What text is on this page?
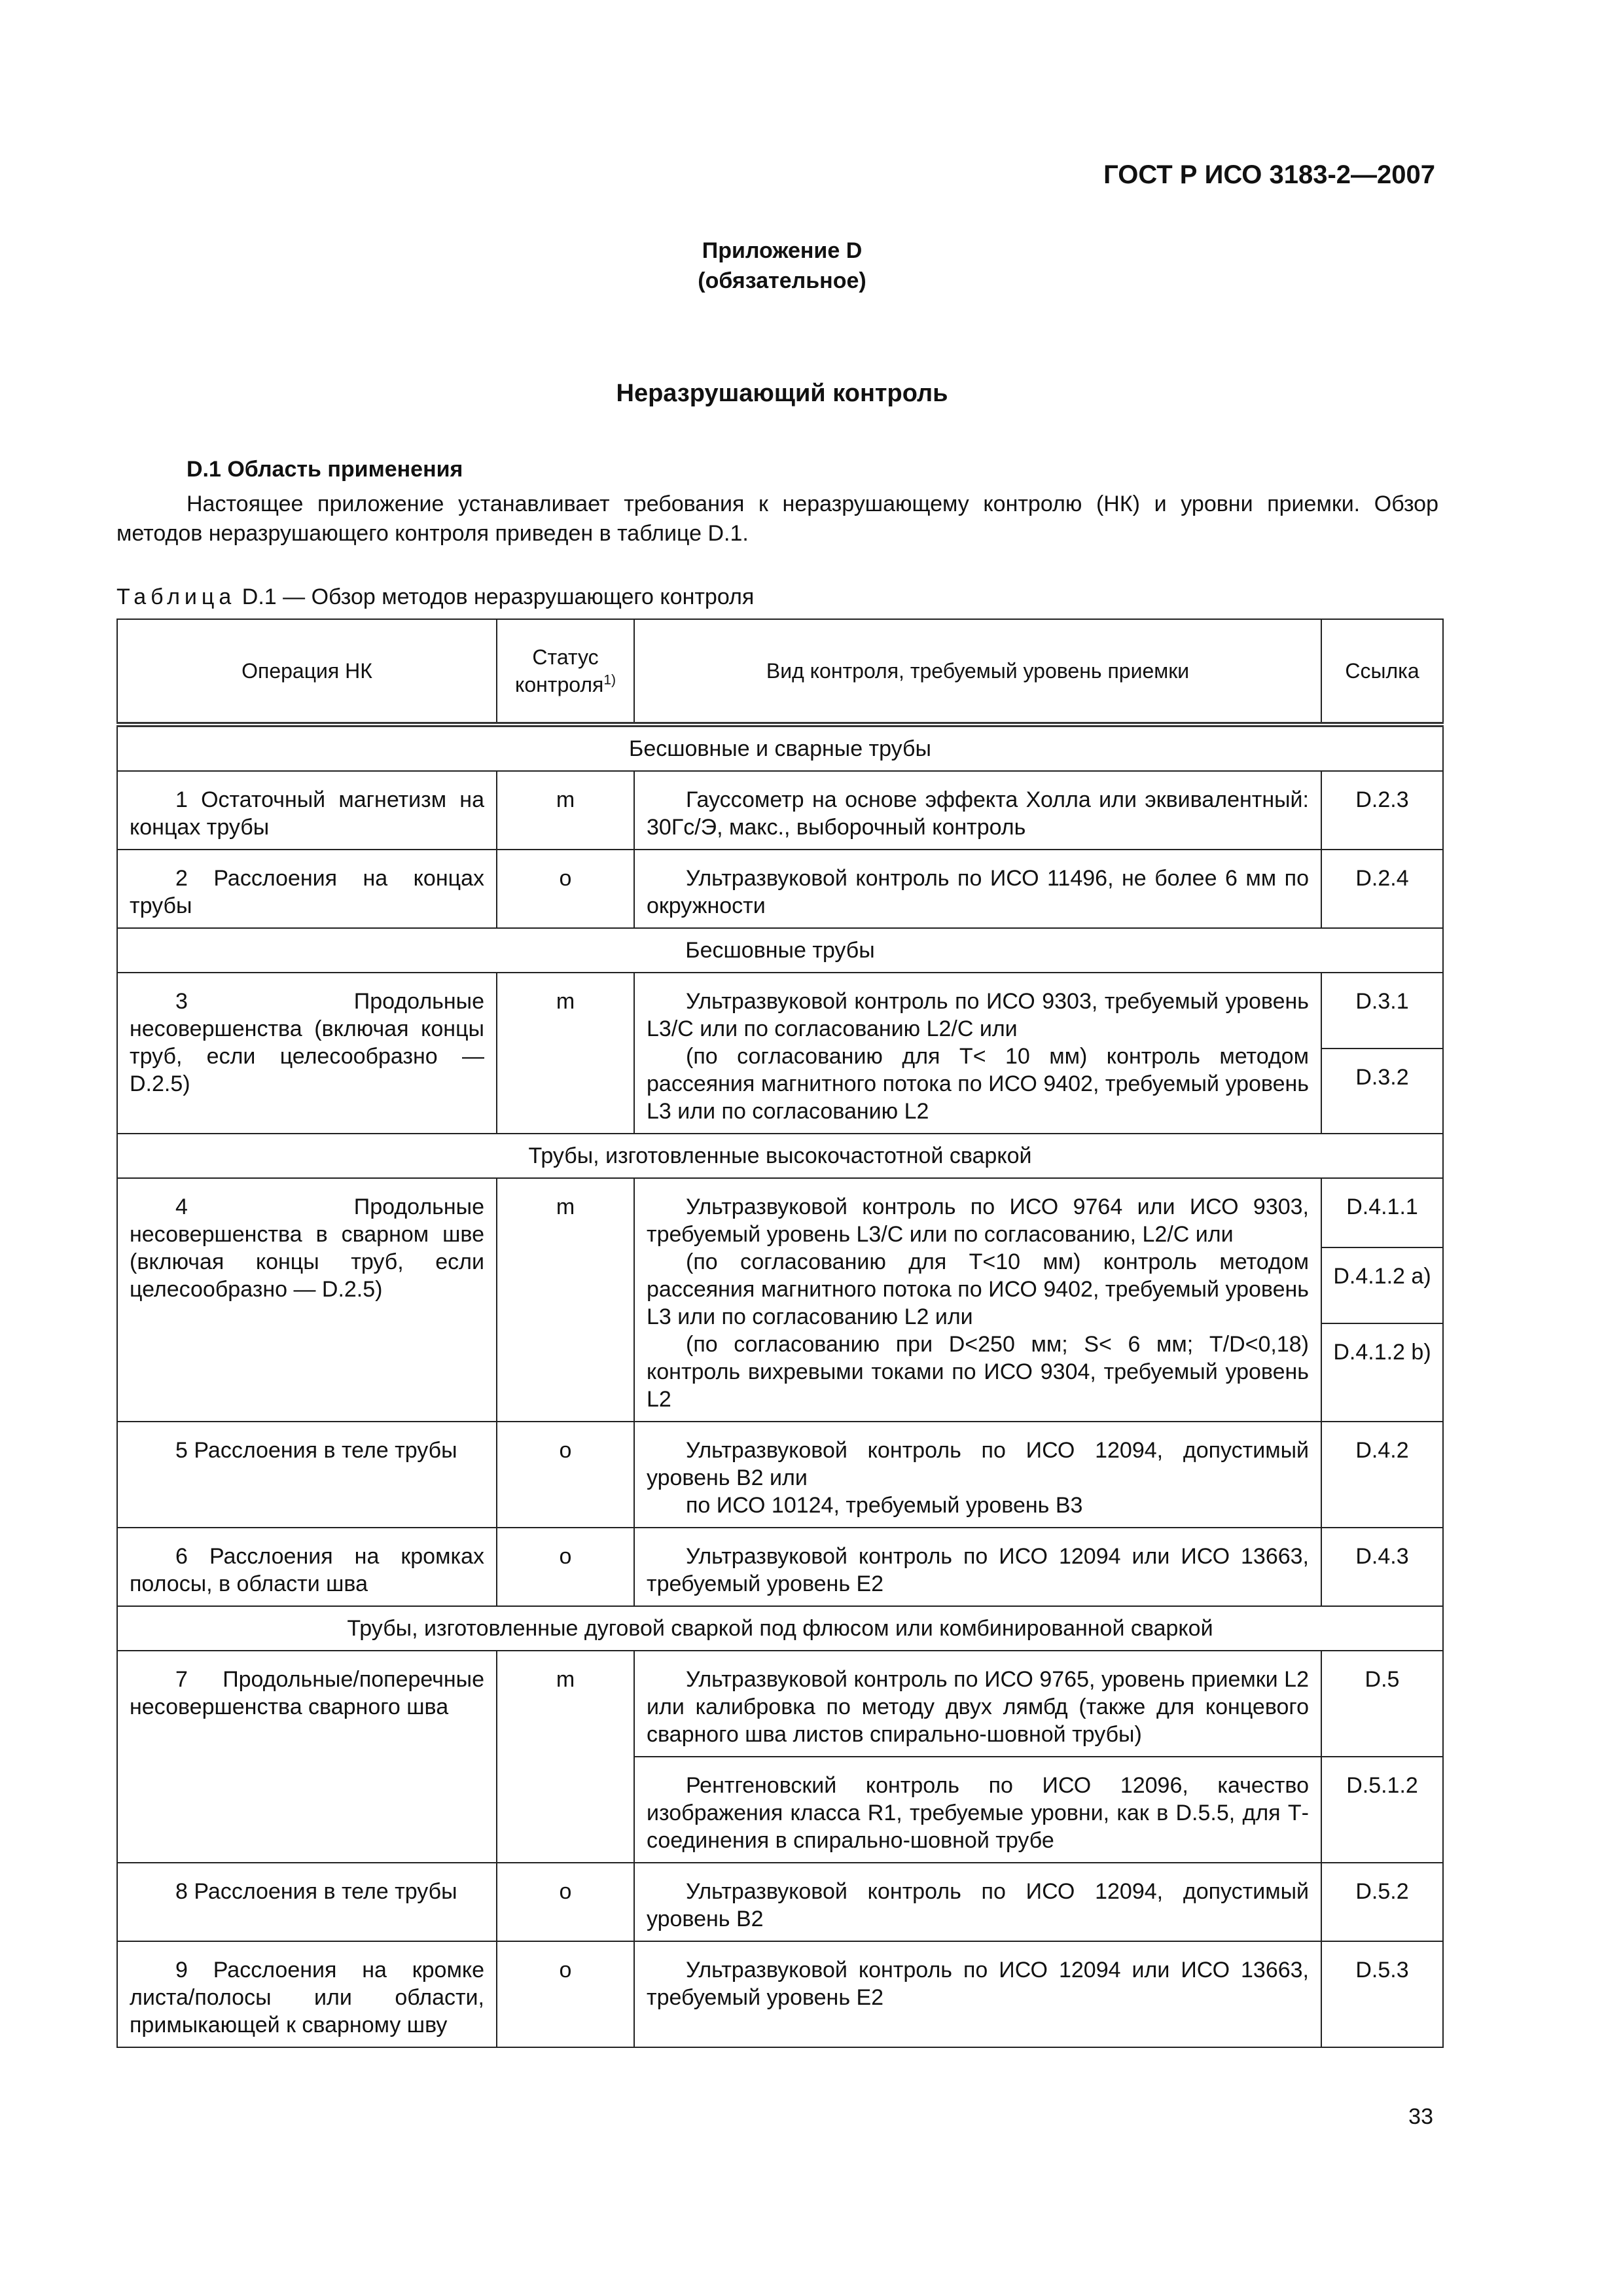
ГОСТ Р ИСО 3183-2—2007
Приложение D
(обязательное)
Неразрушающий контроль
D.1 Область применения
Настоящее приложение устанавливает требования к неразрушающему контролю (НК) и уровни приемки. Обзор методов неразрушающего контроля приведен в таблице D.1.
Таблица D.1 — Обзор методов неразрушающего контроля
Операция НК	Статус контроля$^{1)}$	Вид контроля, требуемый уровень приемки	Ссылка
Бесшовные и сварные трубы			
1 Остаточный магнетизм на концах трубы	m	Гауссометр на основе эффекта Холла или эквивалентный: 30Гс/Э, макс., выборочный контроль	D.2.3
2 Расслоения на концах трубы	o	Ультразвуковой контроль по ИСО 11496, не более 6 мм по окружности	D.2.4
Бесшовные трубы			
3 Продольные несовершенства (включая концы труб, если целесообразно — D.2.5)	m	Ультразвуковой контроль по ИСО 9303, требуемый уровень L3/C или по согласованию L2/C или

(по согласованию для T< 10 мм) контроль методом рассеяния магнитного потока по ИСО 9402, требуемый уровень L3 или по согласованию L2	D.3.1
			D.3.2
Трубы, изготовленные высокочастотной сваркой			
4 Продольные несовершенства в сварном шве (включая концы труб, если целесообразно — D.2.5)	m	Ультразвуковой контроль по ИСО 9764 или ИСО 9303, требуемый уровень L3/C или по согласованию, L2/C или

(по согласованию для T<10 мм) контроль методом рассеяния магнитного потока по ИСО 9402, требуемый уровень L3 или по согласованию L2 или

(по согласованию при D<250 мм; S< 6 мм; T/D<0,18) контроль вихревыми токами по ИСО 9304, требуемый уровень L2	D.4.1.1
			D.4.1.2 a)
			D.4.1.2 b)
5 Расслоения в теле трубы	o	Ультразвуковой контроль по ИСО 12094, допустимый уровень B2 или

по ИСО 10124, требуемый уровень B3	D.4.2
6 Расслоения на кромках полосы, в области шва	o	Ультразвуковой контроль по ИСО 12094 или ИСО 13663, требуемый уровень E2	D.4.3
Трубы, изготовленные дуговой сваркой под флюсом или комбинированной сваркой			
7 Продольные/поперечные несовершенства сварного шва	m	Ультразвуковой контроль по ИСО 9765, уровень приемки L2 или калибровка по методу двух лямбд (также для концевого сварного шва листов спирально-шовной трубы)	D.5

		Рентгеновский контроль по ИСО 12096, качество изображения класса R1, требуемые уровни, как в D.5.5, для Т-соединения в спирально-шовной трубе	D.5.1.2
8 Расслоения в теле трубы	o	Ультразвуковой контроль по ИСО 12094, допустимый уровень B2	D.5.2
9 Расслоения на кромке листа/полосы или области, примыкающей к сварному шву	o	Ультразвуковой контроль по ИСО 12094 или ИСО 13663, требуемый уровень E2	D.5.3
33
